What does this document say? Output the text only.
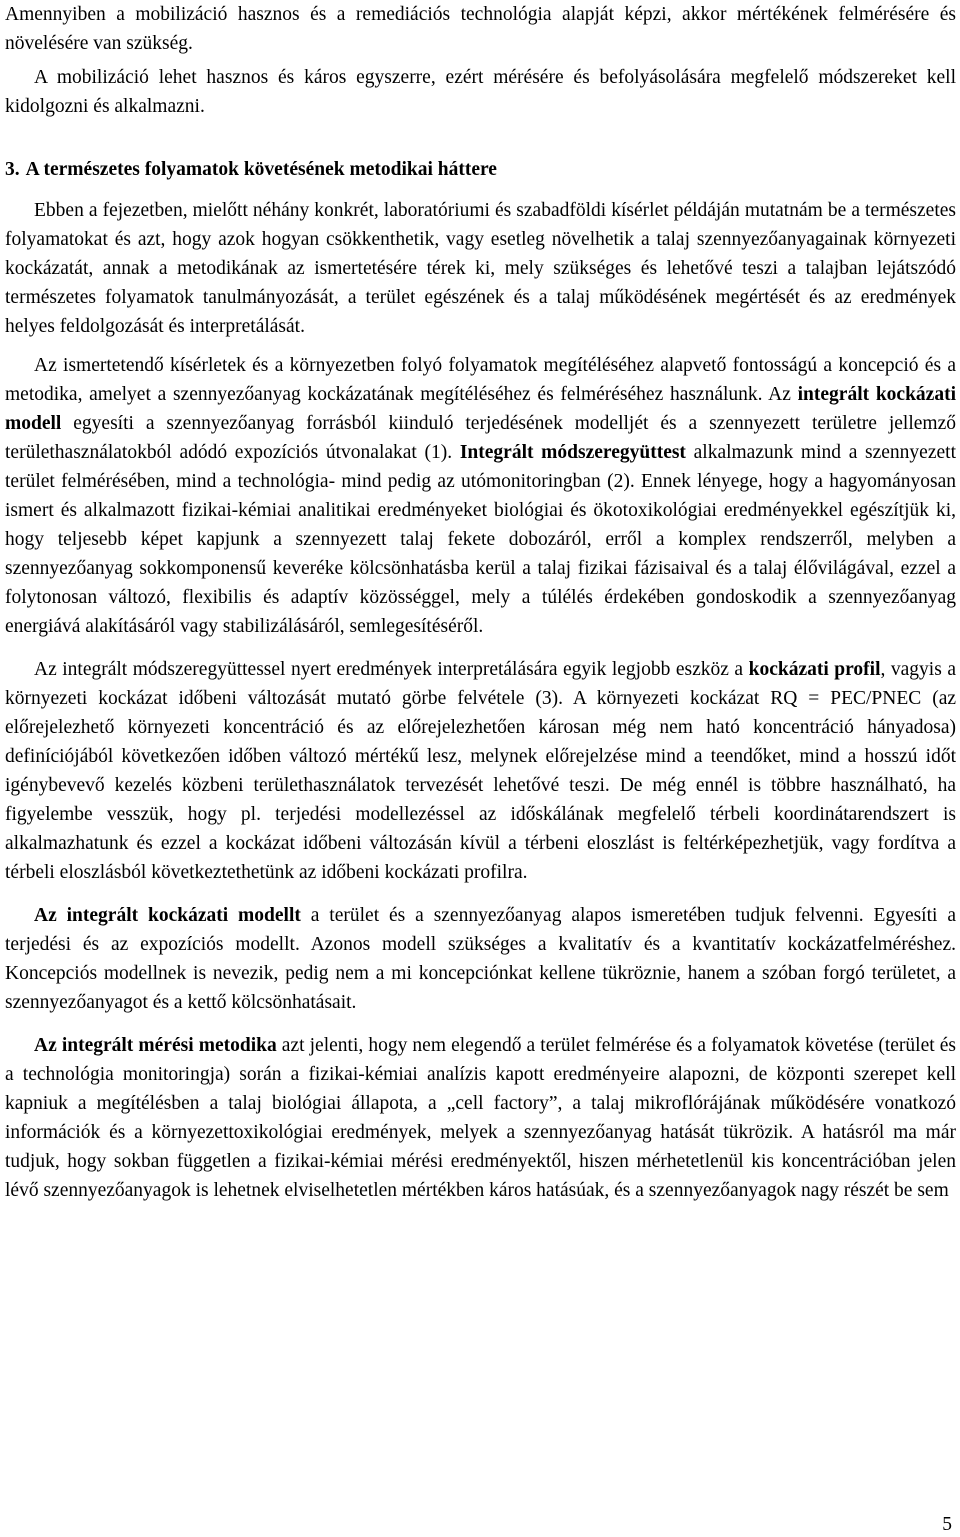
Amennyiben a mobilizáció hasznos és a remediációs technológia alapját képzi, akkor mértékének felmérésére és növelésére van szükség.

A mobilizáció lehet hasznos és káros egyszerre, ezért mérésére és befolyásolására megfelelő módszereket kell kidolgozni és alkalmazni.

3. A természetes folyamatok követésének metodikai háttere

Ebben a fejezetben, mielőtt néhány konkrét, laboratóriumi és szabadföldi kísérlet példáján mutatnám be a természetes folyamatokat és azt, hogy azok hogyan csökkenthetik, vagy esetleg növelhetik a talaj szennyezőanyagainak környezeti kockázatát, annak a metodikának az ismertetésére térek ki, mely szükséges és lehetővé teszi a talajban lejátszódó természetes folyamatok tanulmányozását, a terület egészének és a talaj működésének megértését és az eredmények helyes feldolgozását és interpretálását.

Az ismertetendő kísérletek és a környezetben folyó folyamatok megítéléséhez alapvető fontosságú a koncepció és a metodika, amelyet a szennyezőanyag kockázatának megítéléséhez és felméréséhez használunk. Az integrált kockázati modell egyesíti a szennyezőanyag forrásból kiinduló terjedésének modelljét és a szennyezett területre jellemző területhasználatokból adódó expozíciós útvonalakat (1). Integrált módszeregyüttest alkalmazunk mind a szennyezett terület felmérésében, mind a technológia- mind pedig az utómonitoringban (2). Ennek lényege, hogy a hagyományosan ismert és alkalmazott fizikai-kémiai analitikai eredményeket biológiai és ökotoxikológiai eredményekkel egészítjük ki, hogy teljesebb képet kapjunk a szennyezett talaj fekete dobozáról, erről a komplex rendszerről, melyben a szennyezőanyag sokkomponensű keveréke kölcsönhatásba kerül a talaj fizikai fázisaival és a talaj élővilágával, ezzel a folytonosan változó, flexibilis és adaptív közösséggel, mely a túlélés érdekében gondoskodik a szennyezőanyag energiává alakításáról vagy stabilizálásáról, semlegesítéséről.

Az integrált módszeregyüttessel nyert eredmények interpretálására egyik legjobb eszköz a kockázati profil, vagyis a környezeti kockázat időbeni változását mutató görbe felvétele (3). A környezeti kockázat RQ = PEC/PNEC (az előrejelezhető környezeti koncentráció és az előrejelezhetően károsan még nem ható koncentráció hányadosa) definíciójából következően időben változó mértékű lesz, melynek előrejelzése mind a teendőket, mind a hosszú időt igénybevevő kezelés közbeni területhasználatok tervezését lehetővé teszi. De még ennél is többre használható, ha figyelembe vesszük, hogy pl. terjedési modellezéssel az időskálának megfelelő térbeli koordinátarendszert is alkalmazhatunk és ezzel a kockázat időbeni változásán kívül a térbeni eloszlást is feltérképezhetjük, vagy fordítva a térbeli eloszlásból következtethetünk az időbeni kockázati profilra.

Az integrált kockázati modellt a terület és a szennyezőanyag alapos ismeretében tudjuk felvenni. Egyesíti a terjedési és az expozíciós modellt. Azonos modell szükséges a kvalitatív és a kvantitatív kockázatfelméréshez. Koncepciós modellnek is nevezik, pedig nem a mi koncepciónkat kellene tükröznie, hanem a szóban forgó területet, a szennyezőanyagot és a kettő kölcsönhatásait.

Az integrált mérési metodika azt jelenti, hogy nem elegendő a terület felmérése és a folyamatok követése (terület és a technológia monitoringja) során a fizikai-kémiai analízis kapott eredményeire alapozni, de központi szerepet kell kapniuk a megítélésben a talaj biológiai állapota, a „cell factory”, a talaj mikroflórájának működésére vonatkozó információk és a környezettoxikológiai eredmények, melyek a szennyezőanyag hatását tükrözik. A hatásról ma már tudjuk, hogy sokban független a fizikai-kémiai mérési eredményektől, hiszen mérhetetlenül kis koncentrációban jelen lévő szennyezőanyagok is lehetnek elviselhetetlen mértékben káros hatásúak, és a szennyezőanyagok nagy részét be sem

5
